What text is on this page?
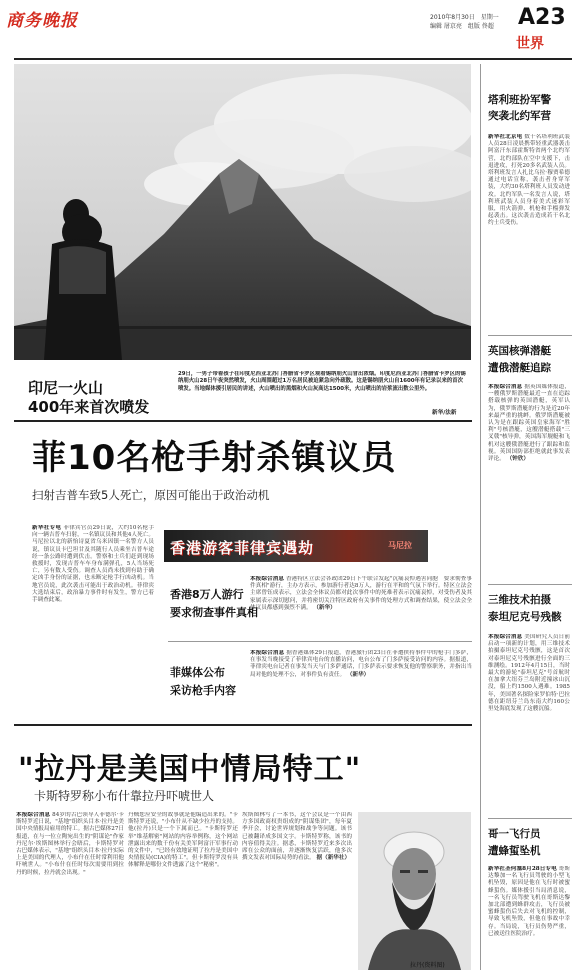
商务晚报	2010年8月30日　星期一
编辑 屠京亮　组版 佟超 A23
世界
印尼一火山
400年来首次喷发
29日，一男子带着孩子在印度尼西亚北苏门答腊省卡罗区观看锡纳朋火山冒出浓烟。印度尼西亚北苏门答腊省卡罗区的锡纳朋火山28日午夜突然喷发，火山周围超过1万名居民被迫紧急向外疏散。这是锡纳朋火山自1600年有记录以来的首次喷发。当地媒体援引居民的讲述，火山喷出的黑烟和火山灰高达1500米，火山喷出的岩浆流出数公里外。
新华/法新
菲10名枪手射杀镇议员
扫射吉普车致5人死亡，原因可能出于政治动机
新华社专电 菲律宾官员29日说，大约10名枪手向一辆吉普车扫射，一名镇议员和其他4人死亡。马尼拉以北的新怡诗夏省乌米因镇一名警方人员说，镇议员卡巴坦甘及其随行人员乘坐吉普车途经一条公路时遭到伏击。警察和士兵们赶到现场救援时，发现吉普车车身布满弹孔，5人当场死亡，另有数人受伤。调查人员尚未找到有助于确定凶手身份的证据，也未断定枪手行凶动机。当地官员说，此次袭击可能出于政治动机。菲律宾大选结束后，政治暴力事件时有发生，警方已着手调查此案。
香港游客菲律宾遇劫	马尼拉
香港8万人游行
要求彻查事件真相
本报综合消息 香港特区立法会各政团29日下午联合发起"沉痛哀悼遇害同胞　要求彻查事件真相"游行，主办方表示，参加游行者达8万人，游行在平和的气氛下举行。特区立法会主席曾钰成表示，立法会全体议员都对此次事件中的死难者表示沉痛哀悼，对受伤者及其家属表示深切慰问，并将密切关注特区政府有关事件的处理方式和调查结果，使立法会全体议员都感到强烈不满。 （新华）
菲媒体公布
采访枪手内容
本报综合消息 据香港媒体29日报道，香港旅行团23日在菲遭挟持事件中的枪手门多萨，在事发当晚接受了菲律宾电台的直播访问，电台公布了门多萨接受访问的内容。据报道，菲律宾电台记者在事发当天与门多萨通话，门多萨表示要求恢复他的警察职务，并指出当局对他的处理不公，对事件负有责任。 （新华）
"拉丹是美国中情局特工"
卡斯特罗称小布什靠拉丹吓唬世人
本报综合消息 84岁的古巴领导人菲德尔·卡斯特罗近日说，"基地"组织头目本·拉丹是美国中央情报局雇用的特工。据古巴媒体27日报道，在与一位立陶宛出生的"阴谋论"作家丹尼尔·埃斯图林举行会晤后，卡斯特罗对古巴媒体表示，"基地"组织头目本·拉丹实际上是美国的代理人，小布什在任时常利用他吓唬世人。"小布什在任时每次需要用到拉丹的时候，拉丹就会出现。"
丹贼您应安全的故事就是他编造出来的。"卡斯特罗还说，"小布什从不缺少拉丹的支持。他(拉丹)只是一个下属而已。"卡斯特罗还举"维基解密"网站的内容举例称，这个网站泄露出来的数千份有关美军阿富汗军事行动的文件中，"已经有效地证明了拉丹是美国中央情报局(CIA)的特工"。但卡斯特罗没有具体解释是哪份文件透露了这个"秘密"。
埃斯图林写了一本书，这个会议是一个由西方多国政商权贵组成的"阴谋集团"，每年夏季开会，讨论世界规划和战争等问题。该书已被翻译成多国文字。卡斯特罗称，该书的内容值得关注。据悉，卡斯特罗近来多次出席在公众的面前，并逐渐恢复活跃，他多次撰文发表对国际局势的看法。 据（新华社）
拉丹(资料图)
塔利班扮军警
突袭北约军营
新华社北京电 数十名塔利班武装人员28日凌晨携带轻重武器袭击阿富汗东部霍斯特省两个北约军营，北约部队在空中支援下，击退进攻，打死20多名武装人员。塔利班发言人扎比乌拉·穆贾希德通过电话宣称，袭击者身穿军装，大约30名塔利班人员发动进攻。北约军队一名发言人说，塔利班武装人员身着美式迷彩军服，用火箭弹、机枪和手榴弹发起袭击。这次袭击造成若干名北约士兵受伤。
英国核弹潜艇
遭俄潜艇追踪
本报综合消息 据英国媒体报道，一艘俄罗斯潜艇最近一直在追踪搭载核弹的英国潜艇，英军认为，俄罗斯潜艇的行为是近20年来最严重的挑衅。俄罗斯潜艇被认为是在跟踪英国皇家海军"胜利"号核潜艇，这艘潜艇搭载"三叉戟"核导弹，英国海军舰艇和飞机对这艘俄潜艇进行了跟踪和监视。英国国防部拒绝就此事发表评论。 （钟欣）
三维技术拍摄
泰坦尼克号残骸
本报综合消息 美国研究人员日前启动一项新的计划，用三维技术拍摄泰坦尼克号残骸，这是首次对泰坦尼克号残骸进行全面的三维测绘。1912年4月15日，当时最大的游轮"泰坦尼克"号首航时在加拿大纽芬兰岛附近撞冰山沉没，船上约1500人遇难。1985年，美国著名探险家罗伯特·巴拉德在距纽芬兰岛东南大约160公里处海底发现了这艘沉船。
哥一飞行员
遭蜂蜇坠机
新华社圣何塞8月28日专电 哥斯达黎加一名飞行员驾驶的小型飞机坠毁，原因是他在飞行时被蜜蜂蜇伤。媒体援引当局消息说，一名飞行员驾驶飞机在哥斯达黎加北部遭到蜂群攻击，飞行员被蜜蜂蜇伤后失去对飞机的控制，导致飞机坠毁，但他在事故中幸存。当局说，飞行员伤势严重，已被送往医院治疗。
